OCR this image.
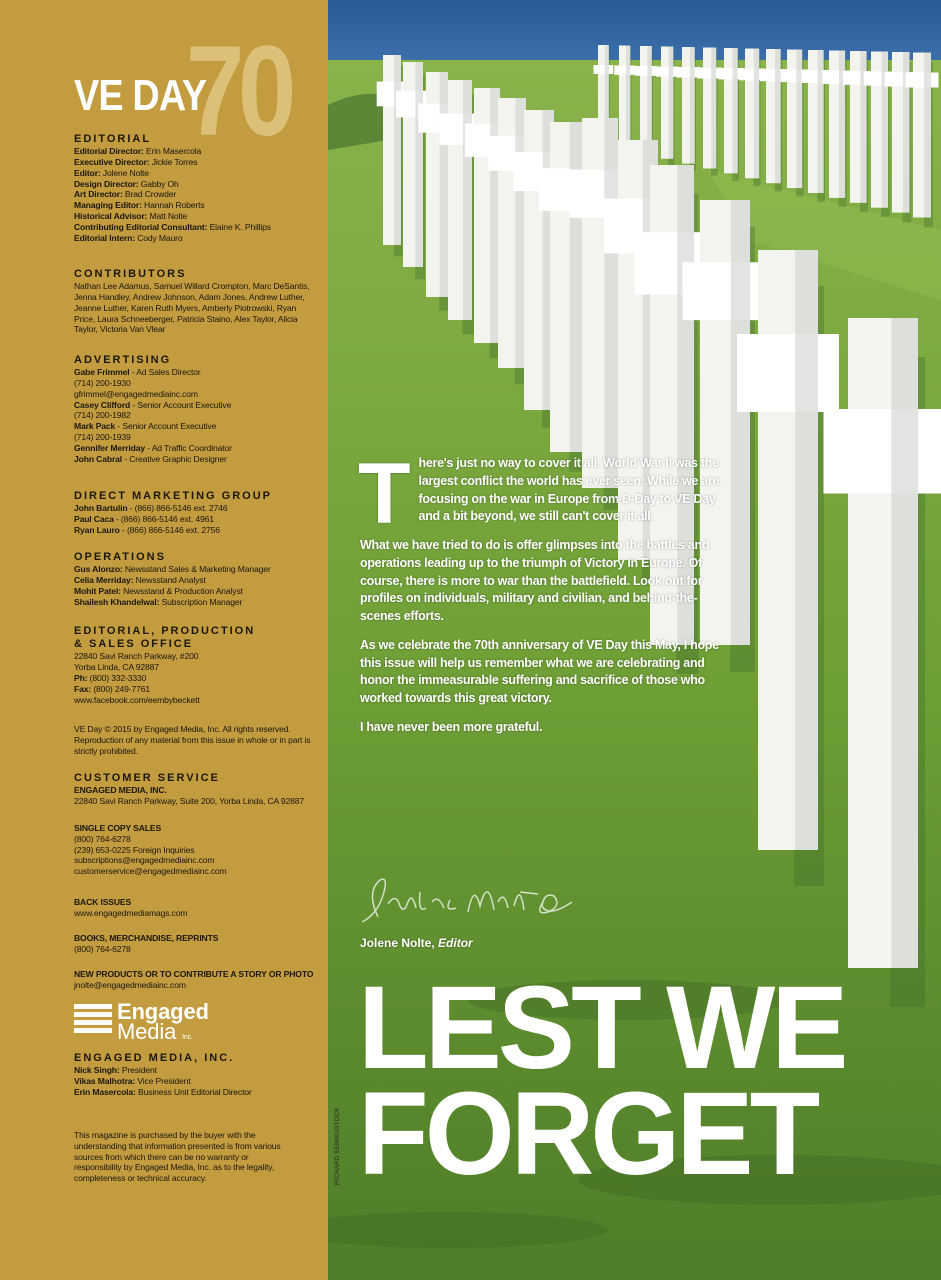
70
VE DAY
EDITORIAL
Editorial Director: Erin Masercola
Executive Director: Jickie Torres
Editor: Jolene Nolte
Design Director: Gabby Oh
Art Director: Brad Crowder
Managing Editor: Hannah Roberts
Historical Advisor: Matt Nolte
Contributing Editorial Consultant: Elaine K. Phillips
Editorial Intern: Cody Mauro
CONTRIBUTORS
Nathan Lee Adamus, Samuel Willard Crompton, Marc DeSantis, Jenna Handley, Andrew Johnson, Adam Jones, Andrew Luther, Jeanne Luther, Karen Ruth Myers, Amberly Piotrowski, Ryan Price, Laura Schneeberger, Patricia Staino, Alex Taylor, Alicia Taylor, Victoria Van Vlear
ADVERTISING
Gabe Frimmel - Ad Sales Director
(714) 200-1930
gfrimmel@engagedmediainc.com
Casey Clifford - Senior Account Executive
(714) 200-1982
Mark Pack - Senior Account Executive
(714) 200-1939
Gennifer Merriday - Ad Traffic Coordinator
John Cabral - Creative Graphic Designer
DIRECT MARKETING GROUP
John Bartulin - (866) 866-5146 ext. 2746
Paul Caca - (866) 866-5146 ext. 4961
Ryan Lauro - (866) 866-5146 ext. 2756
OPERATIONS
Gus Alonzo: Newsstand Sales & Marketing Manager
Celia Merriday: Newsstand Analyst
Mohit Patel: Newsstand & Production Analyst
Shailesh Khandelwal: Subscription Manager
EDITORIAL, PRODUCTION
& SALES OFFICE
22840 Savi Ranch Parkway, #200
Yorba Linda, CA 92887
Ph: (800) 332-3330
Fax: (800) 249-7761
www.facebook.com/eembybeckett
VE Day © 2015 by Engaged Media, Inc. All rights reserved. Reproduction of any material from this issue in whole or in part is strictly prohibited.
CUSTOMER SERVICE
ENGAGED MEDIA, INC.
22840 Savi Ranch Parkway, Suite 200, Yorba Linda, CA 92887
SINGLE COPY SALES
(800) 764-6278
(239) 653-0225 Foreign Inquiries
subscriptions@engagedmediainc.com
customerservice@engagedmediainc.com
BACK ISSUES
www.engagedmediamags.com
BOOKS, MERCHANDISE, REPRINTS
(800) 764-6278
NEW PRODUCTS OR TO CONTRIBUTE A STORY OR PHOTO
jnolte@engagedmediainc.com
Engaged
Media Inc.
ENGAGED MEDIA, INC.
Nick Singh: President
Vikas Malhotra: Vice President
Erin Masercola: Business Unit Editorial Director
This magazine is purchased by the buyer with the understanding that information presented is from various sources from which there can be no warranty or responsibility by Engaged Media, Inc. as to the legality, completeness or technical accuracy.	RICHARD SEMIK/ISTOCK

There's just no way to cover it all. World War II was the largest conflict the world has ever seen. While we are focusing on the war in Europe from D-Day to VE Day and a bit beyond, we still can't cover it all.

What we have tried to do is offer glimpses into the battles and operations leading up to the triumph of Victory in Europe. Of course, there is more to war than the battlefield. Look out for profiles on individuals, military and civilian, and behind-the-scenes efforts.

As we celebrate the 70th anniversary of VE Day this May, I hope this issue will help us remember what we are celebrating and honor the immeasurable suffering and sacrifice of those who worked towards this great victory.

I have never been more grateful.

Jolene Nolte, Editor
LEST WE
FORGET
